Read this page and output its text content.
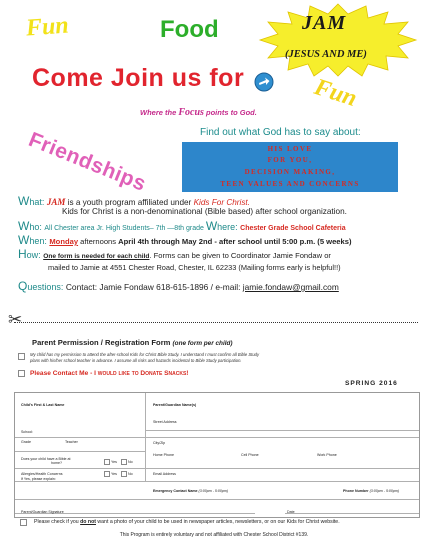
Fun	Food	JAM
(JESUS AND ME)
Come Join us for	Fun
Where the Focus points to God.
Friendships	Find out what God has to say about:
HIS LOVE
FOR YOU,
DECISION MAKING,
TEEN VALUES AND CONCERNS
What: JAM is a youth program affiliated under Kids For Christ.
Kids for Christ is a non-denominational (Bible based) after school organization.
Who: All Chester area Jr. High Students– 7th —8th grade Where: Chester Grade School Cafeteria
When: Monday afternoons April 4th through May 2nd - after school until 5:00 p.m. (5 weeks)
How: One form is needed for each child. Forms can be given to Coordinator Jamie Fondaw or
mailed to Jamie at 4551 Chester Road, Chester, IL 62233 (Mailing forms early is helpful!!)
Questions: Contact: Jamie Fondaw 618-615-1896 / e-mail: jamie.fondaw@gmail.com
✂
Parent Permission / Registration Form (one form per child)
My child has my permission to attend the after-school Kids for Christ Bible Study. I understand I must confirm all Bible Study
plans with his/her school teacher in advance. I assume all risks and hazards incidental to Bible Study participation.
Please Contact Me - I would like to Donate Snacks!
SPRING 2016
Child's First & Last Name	Parent/Guardian Name(s)
School:
Street Address
Grade	Teacher	City/Zip
Does your child have a Bible at
home?	Yes	No
Home Phone	Cell Phone	Work Phone
Allergies/Health Concerns
If Yes, please explain:
Yes	No	Email Address
Emergency Contact Name (3:00pm - 5:00pm)	Phone Number (3:00pm - 5:00pm)
Parent/Guardian Signature	Date
Please check if you do not want a photo of your child to be used in newspaper articles, newsletters, or on our Kids for Christ website.
This Program is entirely voluntary and not affiliated with Chester School District #139.
